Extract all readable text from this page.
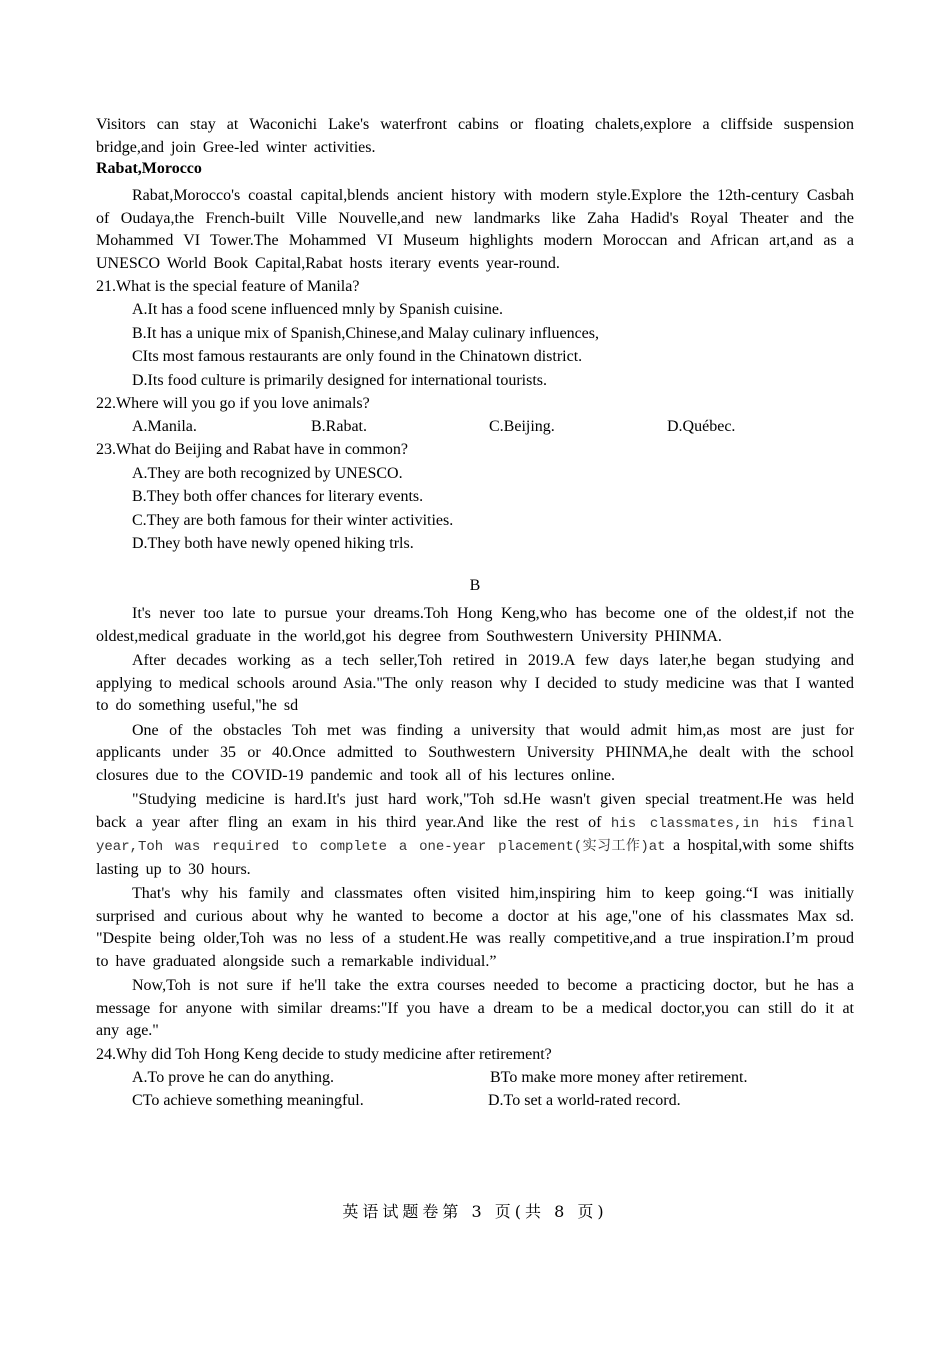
Visitors can stay at Waconichi Lake's waterfront cabins or floating chalets,explore a cliffside suspension bridge,and join Gree-led winter activities.

Rabat,Morocco

Rabat,Morocco's coastal capital,blends ancient history with modern style.Explore the 12th-century Casbah of Oudaya,the French-built Ville Nouvelle,and new landmarks like Zaha Hadid's Royal Theater and the Mohammed VI Tower.The Mohammed VI Museum highlights modern Moroccan and African art,and as a UNESCO World Book Capital,Rabat hosts iterary events year-round.

21.What is the special feature of Manila?

A.It has a food scene influenced mnly by Spanish cuisine.

B.It has a unique mix of Spanish,Chinese,and Malay culinary influences,

CIts most famous restaurants are only found in the Chinatown district.

D.Its food culture is primarily designed for international tourists.

22.Where will you go if you love animals?

A.Manila.	B.Rabat.	C.Beijing.	D.Québec.

23.What do Beijing and Rabat have in common?

A.They are both recognized by UNESCO.

B.They both offer chances for literary events.

C.They are both famous for their winter activities.

D.They both have newly opened hiking trls.

B

It's never too late to pursue your dreams.Toh Hong Keng,who has become one of the oldest,if not the oldest,medical graduate in the world,got his degree from Southwestern University PHINMA.

After decades working as a tech seller,Toh retired in 2019.A few days later,he began studying and applying to medical schools around Asia."The only reason why I decided to study medicine was that I wanted to do something useful,"he sd

One of the obstacles Toh met was finding a university that would admit him,as most are just for applicants under 35 or 40.Once admitted to Southwestern University PHINMA,he dealt with the school closures due to the COVID-19 pandemic and took all of his lectures online.

"Studying medicine is hard.It's just hard work,"Toh sd.He wasn't given special treatment.He was held back a year after fling an exam in his third year.And like the rest of his classmates,in his final year,Toh was required to complete a one-year placement(实习工作)at a hospital,with some shifts lasting up to 30 hours.

That's why his family and classmates often visited him,inspiring him to keep going.“I was initially surprised and curious about why he wanted to become a doctor at his age,"one of his classmates Max sd. "Despite being older,Toh was no less of a student.He was really competitive,and a true inspiration.I’m proud to have graduated alongside such a remarkable individual.”

Now,Toh is not sure if he'll take the extra courses needed to become a practicing doctor, but he has a message for anyone with similar dreams:"If you have a dream to be a medical doctor,you can still do it at any age."

24.Why did Toh Hong Keng decide to study medicine after retirement?

A.To prove he can do anything.	BTo make more money after retirement.
CTo achieve something meaningful.	D.To set a world-rated record.
英语试题卷第 3 页(共 8 页)
